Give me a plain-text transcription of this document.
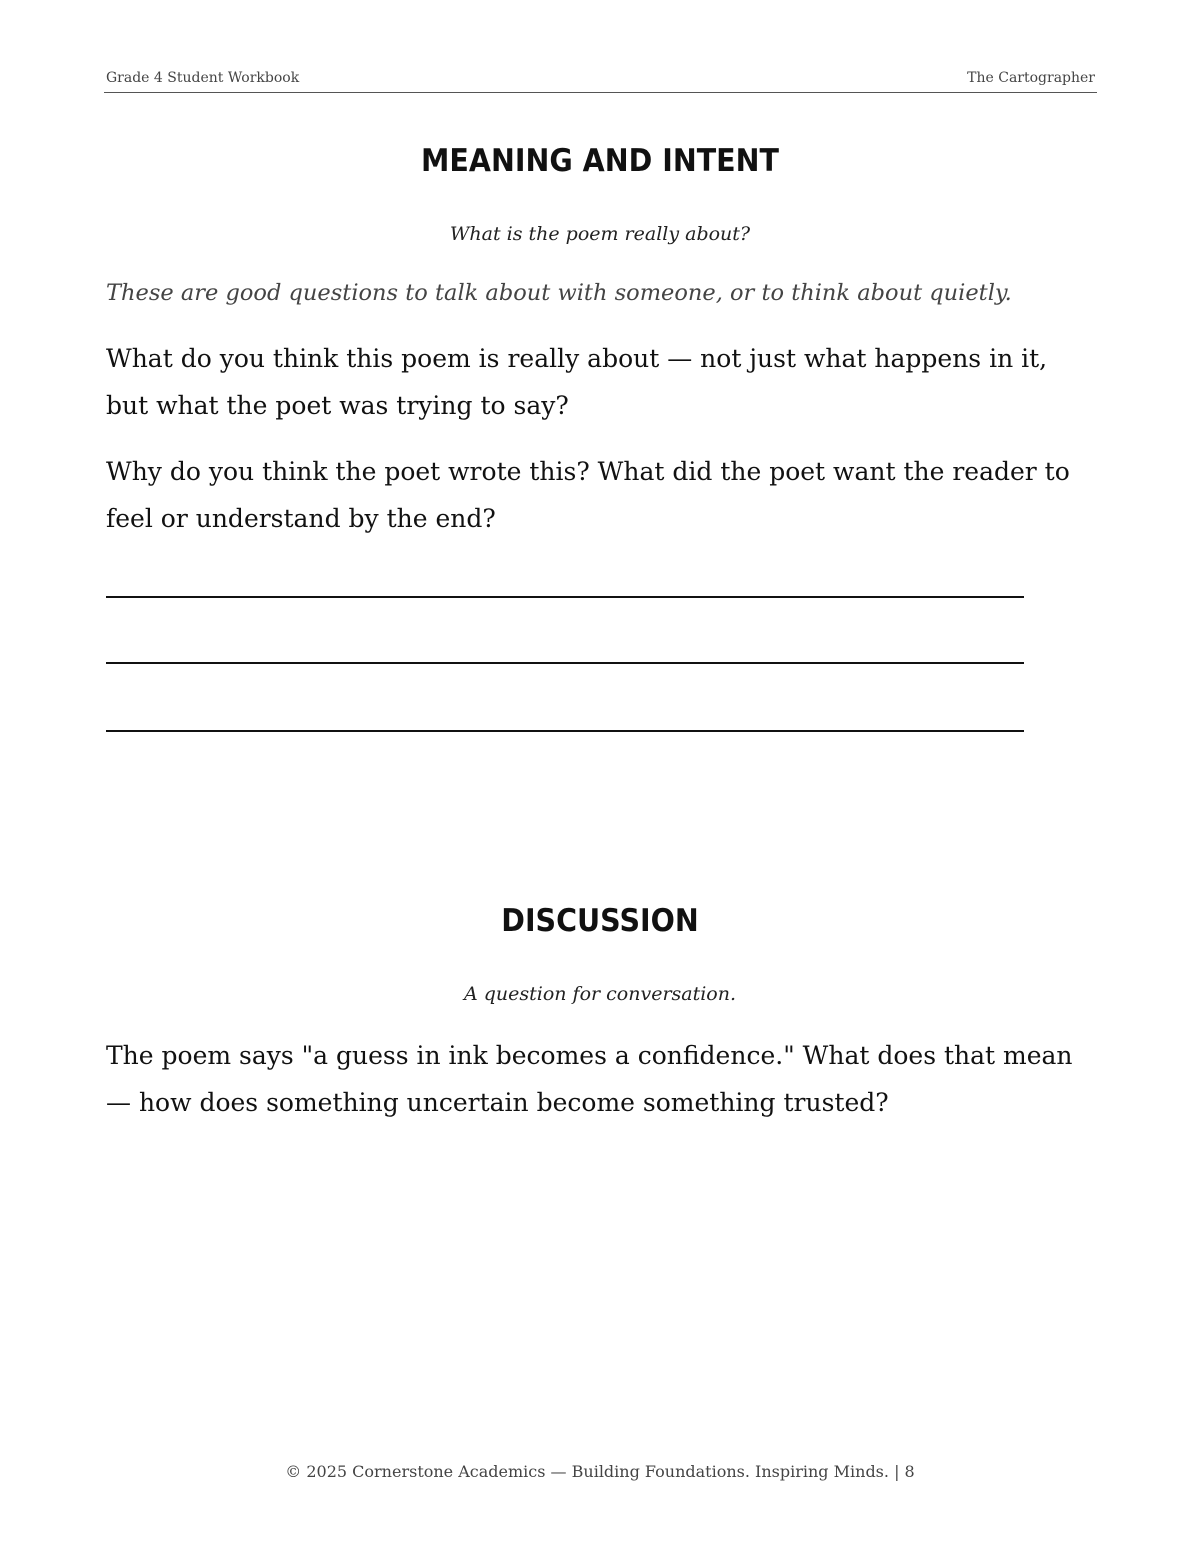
Grade 4 Student Workbook	The Cartographer
MEANING AND INTENT
What is the poem really about?
These are good questions to talk about with someone, or to think about quietly.

What do you think this poem is really about — not just what happens in it, but what the poet was trying to say?

Why do you think the poet wrote this? What did the poet want the reader to feel or understand by the end?

DISCUSSION
A question for conversation.

The poem says "a guess in ink becomes a confidence." What does that mean — how does something uncertain become something trusted?

© 2025 Cornerstone Academics — Building Foundations. Inspiring Minds. | 8
